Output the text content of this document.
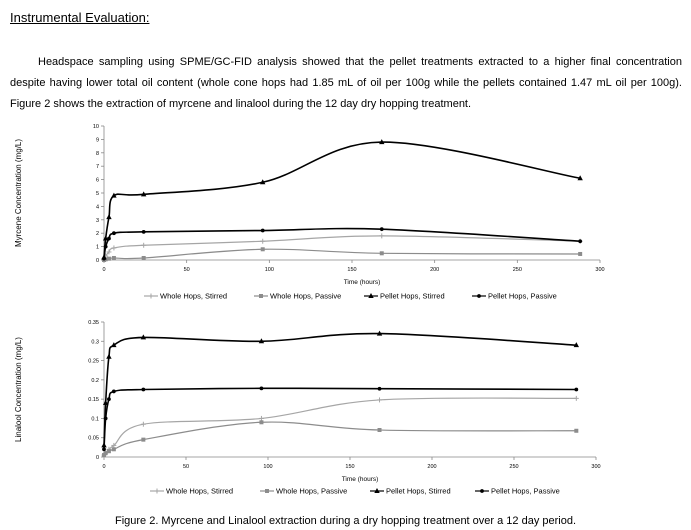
Instrumental Evaluation:

Headspace sampling using SPME/GC-FID analysis showed that the pellet treatments extracted to a higher final concentration despite having lower total oil content (whole cone hops had 1.85 mL of oil per 100g while the pellets contained 1.47 mL oil per 100g). Figure 2 shows the extraction of myrcene and linalool during the 12 day dry hopping treatment.

0
1
2
3
4
5
6
7
8
9
10
0	50	100	150	200	250	300
Time (hours)
Myrcene Concentration (mg/L)
Whole Hops, Stirred	Whole Hops, Passive	Pellet Hops, Stirred	Pellet Hops, Passive
0
0.05
0.1
0.15
0.2
0.25
0.3
0.35
0	50	100	150	200	250	300
Time (hours)
Linalool Concentration (mg/L)
Whole Hops, Stirred	Whole Hops, Passive	Pellet Hops, Stirred	Pellet Hops, Passive

Figure 2. Myrcene and Linalool extraction during a dry hopping treatment over a 12 day period.
